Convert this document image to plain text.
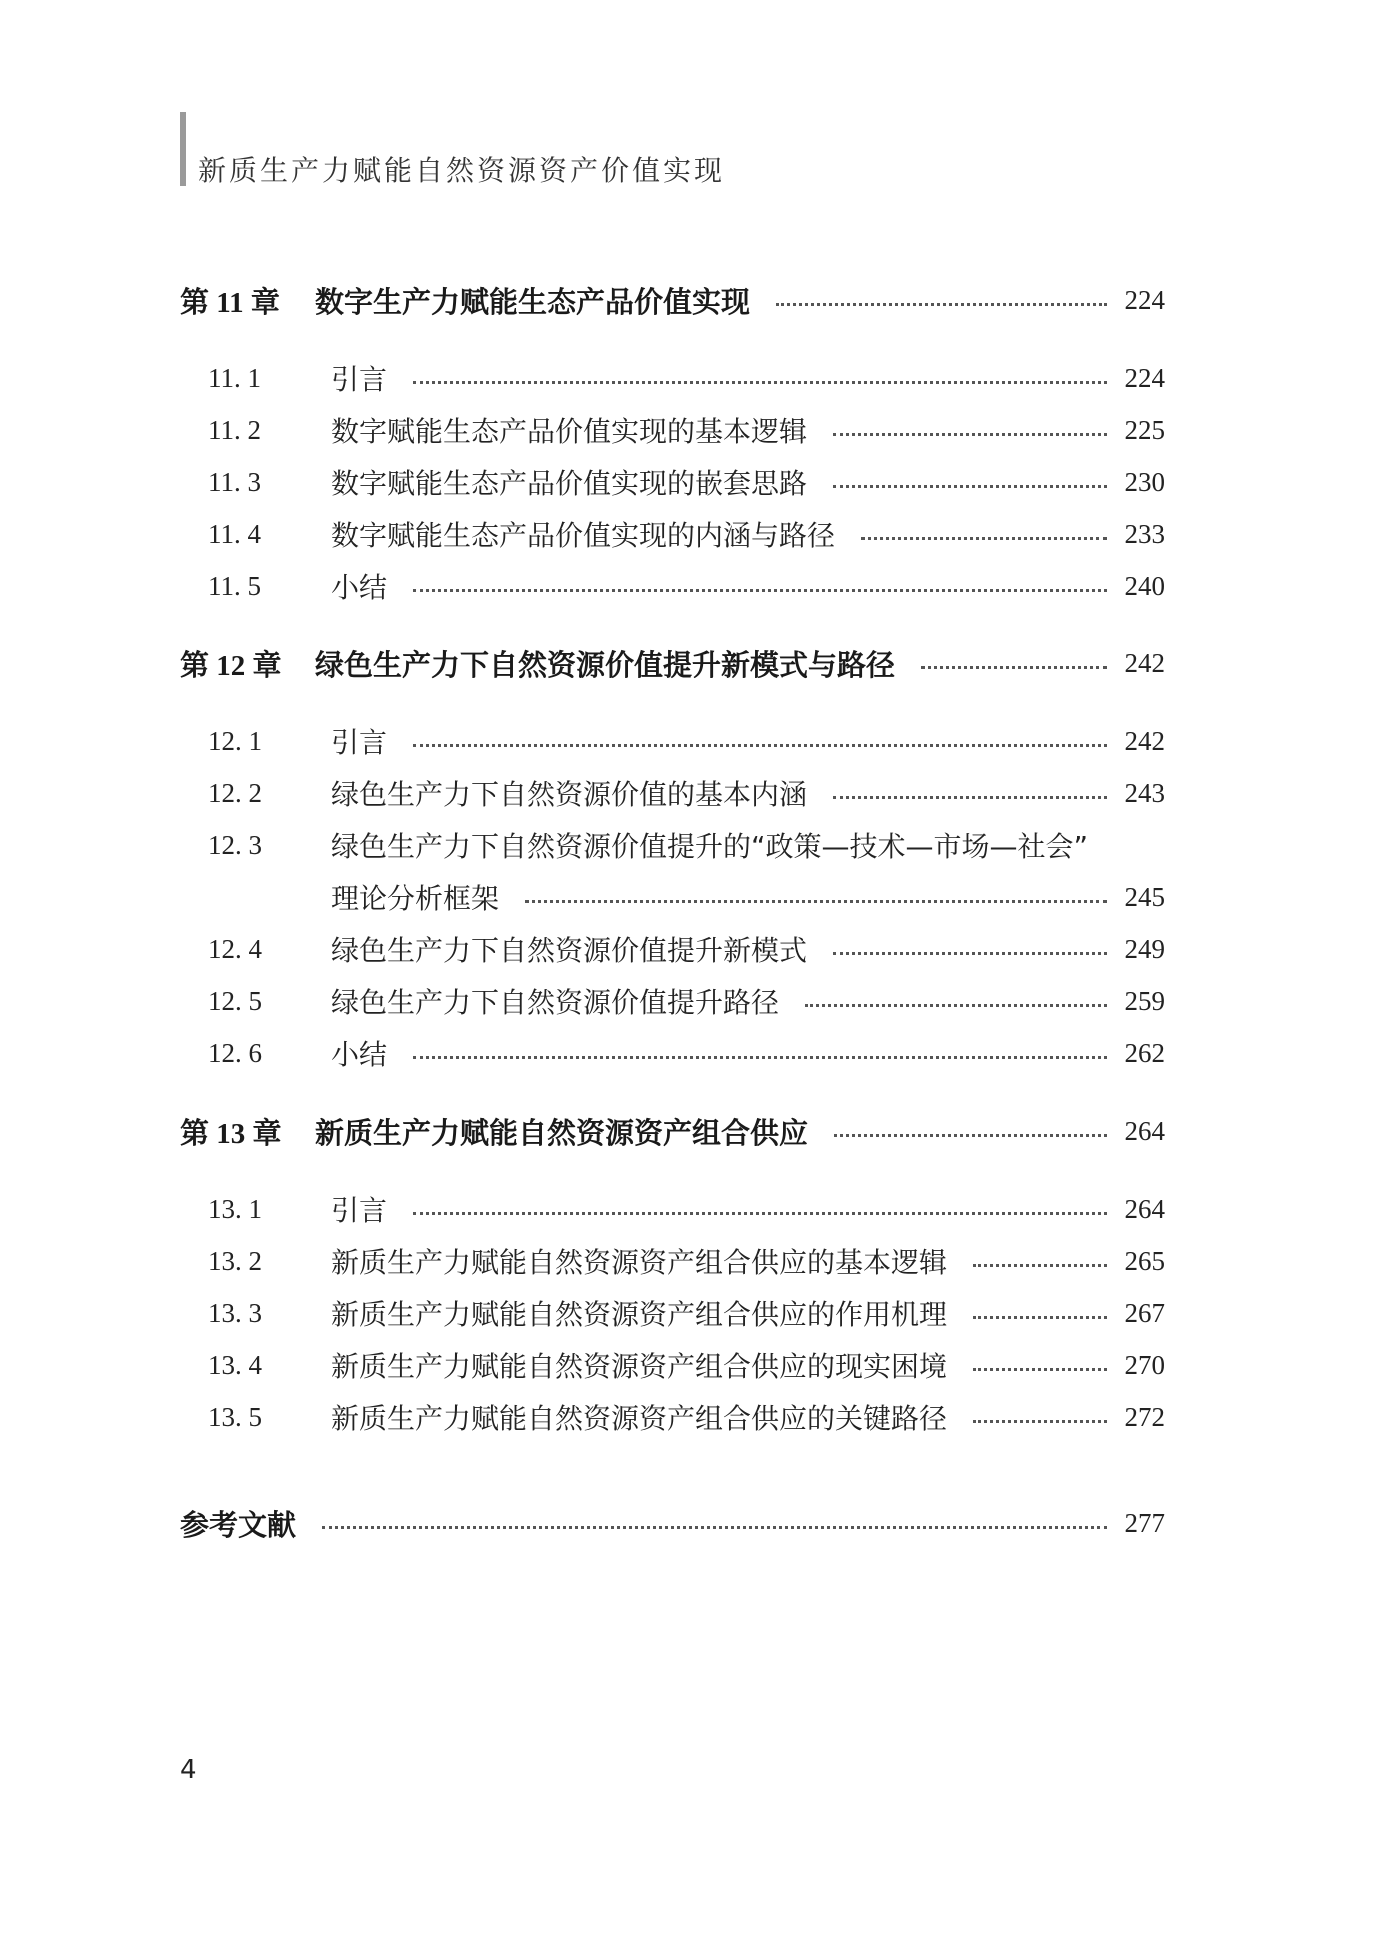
新质生产力赋能自然资源资产价值实现
第 11 章	数字生产力赋能生态产品价值实现	224
11. 1	引言	224
11. 2	数字赋能生态产品价值实现的基本逻辑	225
11. 3	数字赋能生态产品价值实现的嵌套思路	230
11. 4	数字赋能生态产品价值实现的内涵与路径	233
11. 5	小结	240
第 12 章	绿色生产力下自然资源价值提升新模式与路径	242
12. 1	引言	242
12. 2	绿色生产力下自然资源价值的基本内涵	243
12. 3	绿色生产力下自然资源价值提升的“政策—技术—市场—社会”
理论分析框架	245
12. 4	绿色生产力下自然资源价值提升新模式	249
12. 5	绿色生产力下自然资源价值提升路径	259
12. 6	小结	262
第 13 章	新质生产力赋能自然资源资产组合供应	264
13. 1	引言	264
13. 2	新质生产力赋能自然资源资产组合供应的基本逻辑	265
13. 3	新质生产力赋能自然资源资产组合供应的作用机理	267
13. 4	新质生产力赋能自然资源资产组合供应的现实困境	270
13. 5	新质生产力赋能自然资源资产组合供应的关键路径	272
参考文献	277
4
